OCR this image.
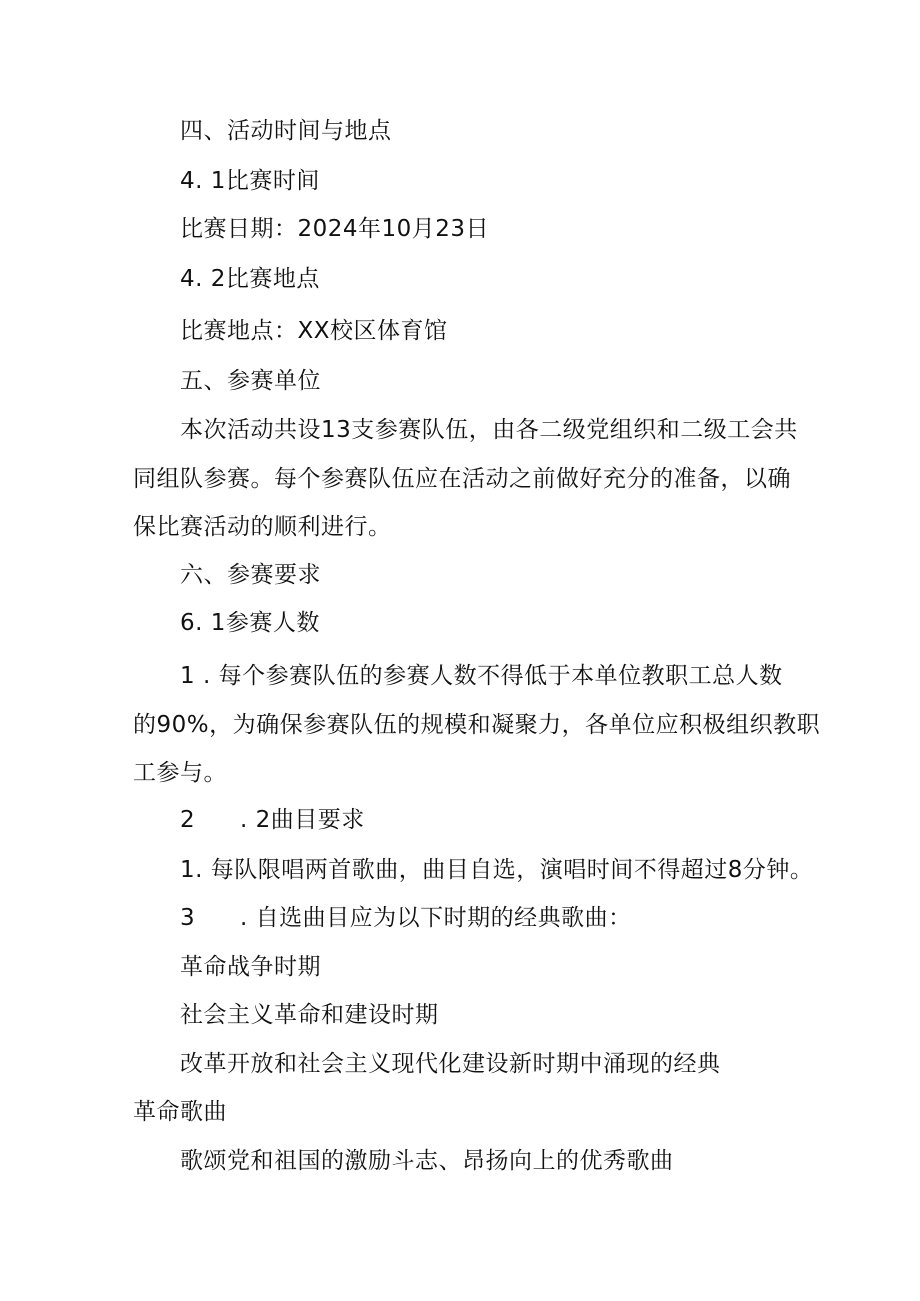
四、活动时间与地点
4. 1比赛时间
比赛日期：2024年10月23日
4. 2比赛地点
比赛地点：XX校区体育馆
五、参赛单位
本次活动共设13支参赛队伍，由各二级党组织和二级工会共
同组队参赛。每个参赛队伍应在活动之前做好充分的准备，以确
保比赛活动的顺利进行。
六、参赛要求
6. 1参赛人数
1 . 每个参赛队伍的参赛人数不得低于本单位教职工总人数
的90%，为确保参赛队伍的规模和凝聚力，各单位应积极组织教职
工参与。
2 . 2曲目要求
1. 每队限唱两首歌曲，曲目自选，演唱时间不得超过8分钟。
3 . 自选曲目应为以下时期的经典歌曲：
革命战争时期
社会主义革命和建设时期
改革开放和社会主义现代化建设新时期中涌现的经典
革命歌曲
歌颂党和祖国的激励斗志、昂扬向上的优秀歌曲
